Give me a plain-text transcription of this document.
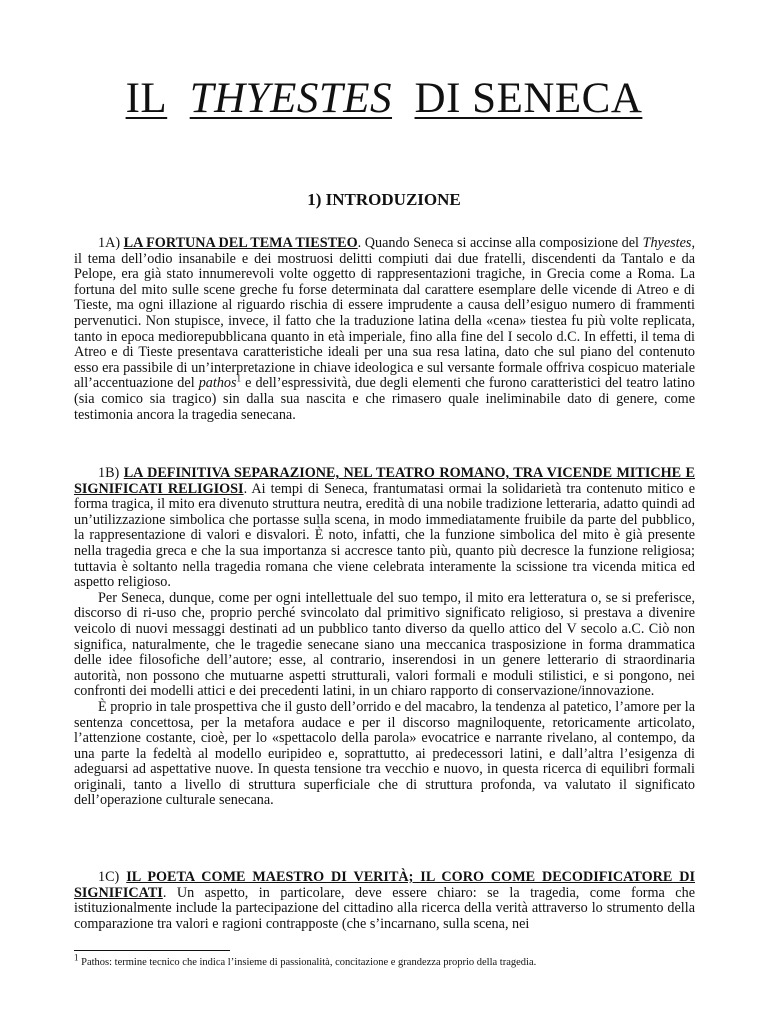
IL THYESTES DI SENECA
1) INTRODUZIONE

1A) LA FORTUNA DEL TEMA TIESTEO. Quando Seneca si accinse alla composizione del Thyestes, il tema dell’odio insanabile e dei mostruosi delitti compiuti dai due fratelli, discendenti da Tantalo e da Pelope, era già stato innumerevoli volte oggetto di rappresentazioni tragiche, in Grecia come a Roma. La fortuna del mito sulle scene greche fu forse determinata dal carattere esemplare delle vicende di Atreo e di Tieste, ma ogni illazione al riguardo rischia di essere imprudente a causa dell’esiguo numero di frammenti pervenutici. Non stupisce, invece, il fatto che la traduzione latina della «cena» tiestea fu più volte replicata, tanto in epoca mediorepubblicana quanto in età imperiale, fino alla fine del I secolo d.C. In effetti, il tema di Atreo e di Tieste presentava caratteristiche ideali per una sua resa latina, dato che sul piano del contenuto esso era passibile di un’interpretazione in chiave ideologica e sul versante formale offriva cospicuo materiale all’accentuazione del pathos$^1$ e dell’espressività, due degli elementi che furono caratteristici del teatro latino (sia comico sia tragico) sin dalla sua nascita e che rimasero quale ineliminabile dato di genere, come testimonia ancora la tragedia senecana.

1B) LA DEFINITIVA SEPARAZIONE, NEL TEATRO ROMANO, TRA VICENDE MITICHE E SIGNIFICATI RELIGIOSI. Ai tempi di Seneca, frantumatasi ormai la solidarietà tra contenuto mitico e forma tragica, il mito era divenuto struttura neutra, eredità di una nobile tradizione letteraria, adatto quindi ad un’utilizzazione simbolica che portasse sulla scena, in modo immediatamente fruibile da parte del pubblico, la rappresentazione di valori e disvalori. È noto, infatti, che la funzione simbolica del mito è già presente nella tragedia greca e che la sua importanza si accresce tanto più, quanto più decresce la funzione religiosa; tuttavia è soltanto nella tragedia romana che viene celebrata interamente la scissione tra vicenda mitica ed aspetto religioso.

Per Seneca, dunque, come per ogni intellettuale del suo tempo, il mito era letteratura o, se si preferisce, discorso di ri-uso che, proprio perché svincolato dal primitivo significato religioso, si prestava a divenire veicolo di nuovi messaggi destinati ad un pubblico tanto diverso da quello attico del V secolo a.C. Ciò non significa, naturalmente, che le tragedie senecane siano una meccanica trasposizione in forma drammatica delle idee filosofiche dell’autore; esse, al contrario, inserendosi in un genere letterario di straordinaria autorità, non possono che mutuarne aspetti strutturali, valori formali e moduli stilistici, e si pongono, nei confronti dei modelli attici e dei precedenti latini, in un chiaro rapporto di conservazione/innovazione.

È proprio in tale prospettiva che il gusto dell’orrido e del macabro, la tendenza al patetico, l’amore per la sentenza concettosa, per la metafora audace e per il discorso magniloquente, retoricamente articolato, l’attenzione costante, cioè, per lo «spettacolo della parola» evocatrice e narrante rivelano, al contempo, da una parte la fedeltà al modello euripideo e, soprattutto, ai predecessori latini, e dall’altra l’esigenza di adeguarsi ad aspettative nuove. In questa tensione tra vecchio e nuovo, in questa ricerca di equilibri formali originali, tanto a livello di struttura superficiale che di struttura profonda, va valutato il significato dell’operazione culturale senecana.

1C) IL POETA COME MAESTRO DI VERITÀ; IL CORO COME DECODIFICATORE DI SIGNIFICATI. Un aspetto, in particolare, deve essere chiaro: se la tragedia, come forma che istituzionalmente include la partecipazione del cittadino alla ricerca della verità attraverso lo strumento della comparazione tra valori e ragioni contrapposte (che s’incarnano, sulla scena, nei

$^1$ Pathos: termine tecnico che indica l’insieme di passionalità, concitazione e grandezza proprio della tragedia.
